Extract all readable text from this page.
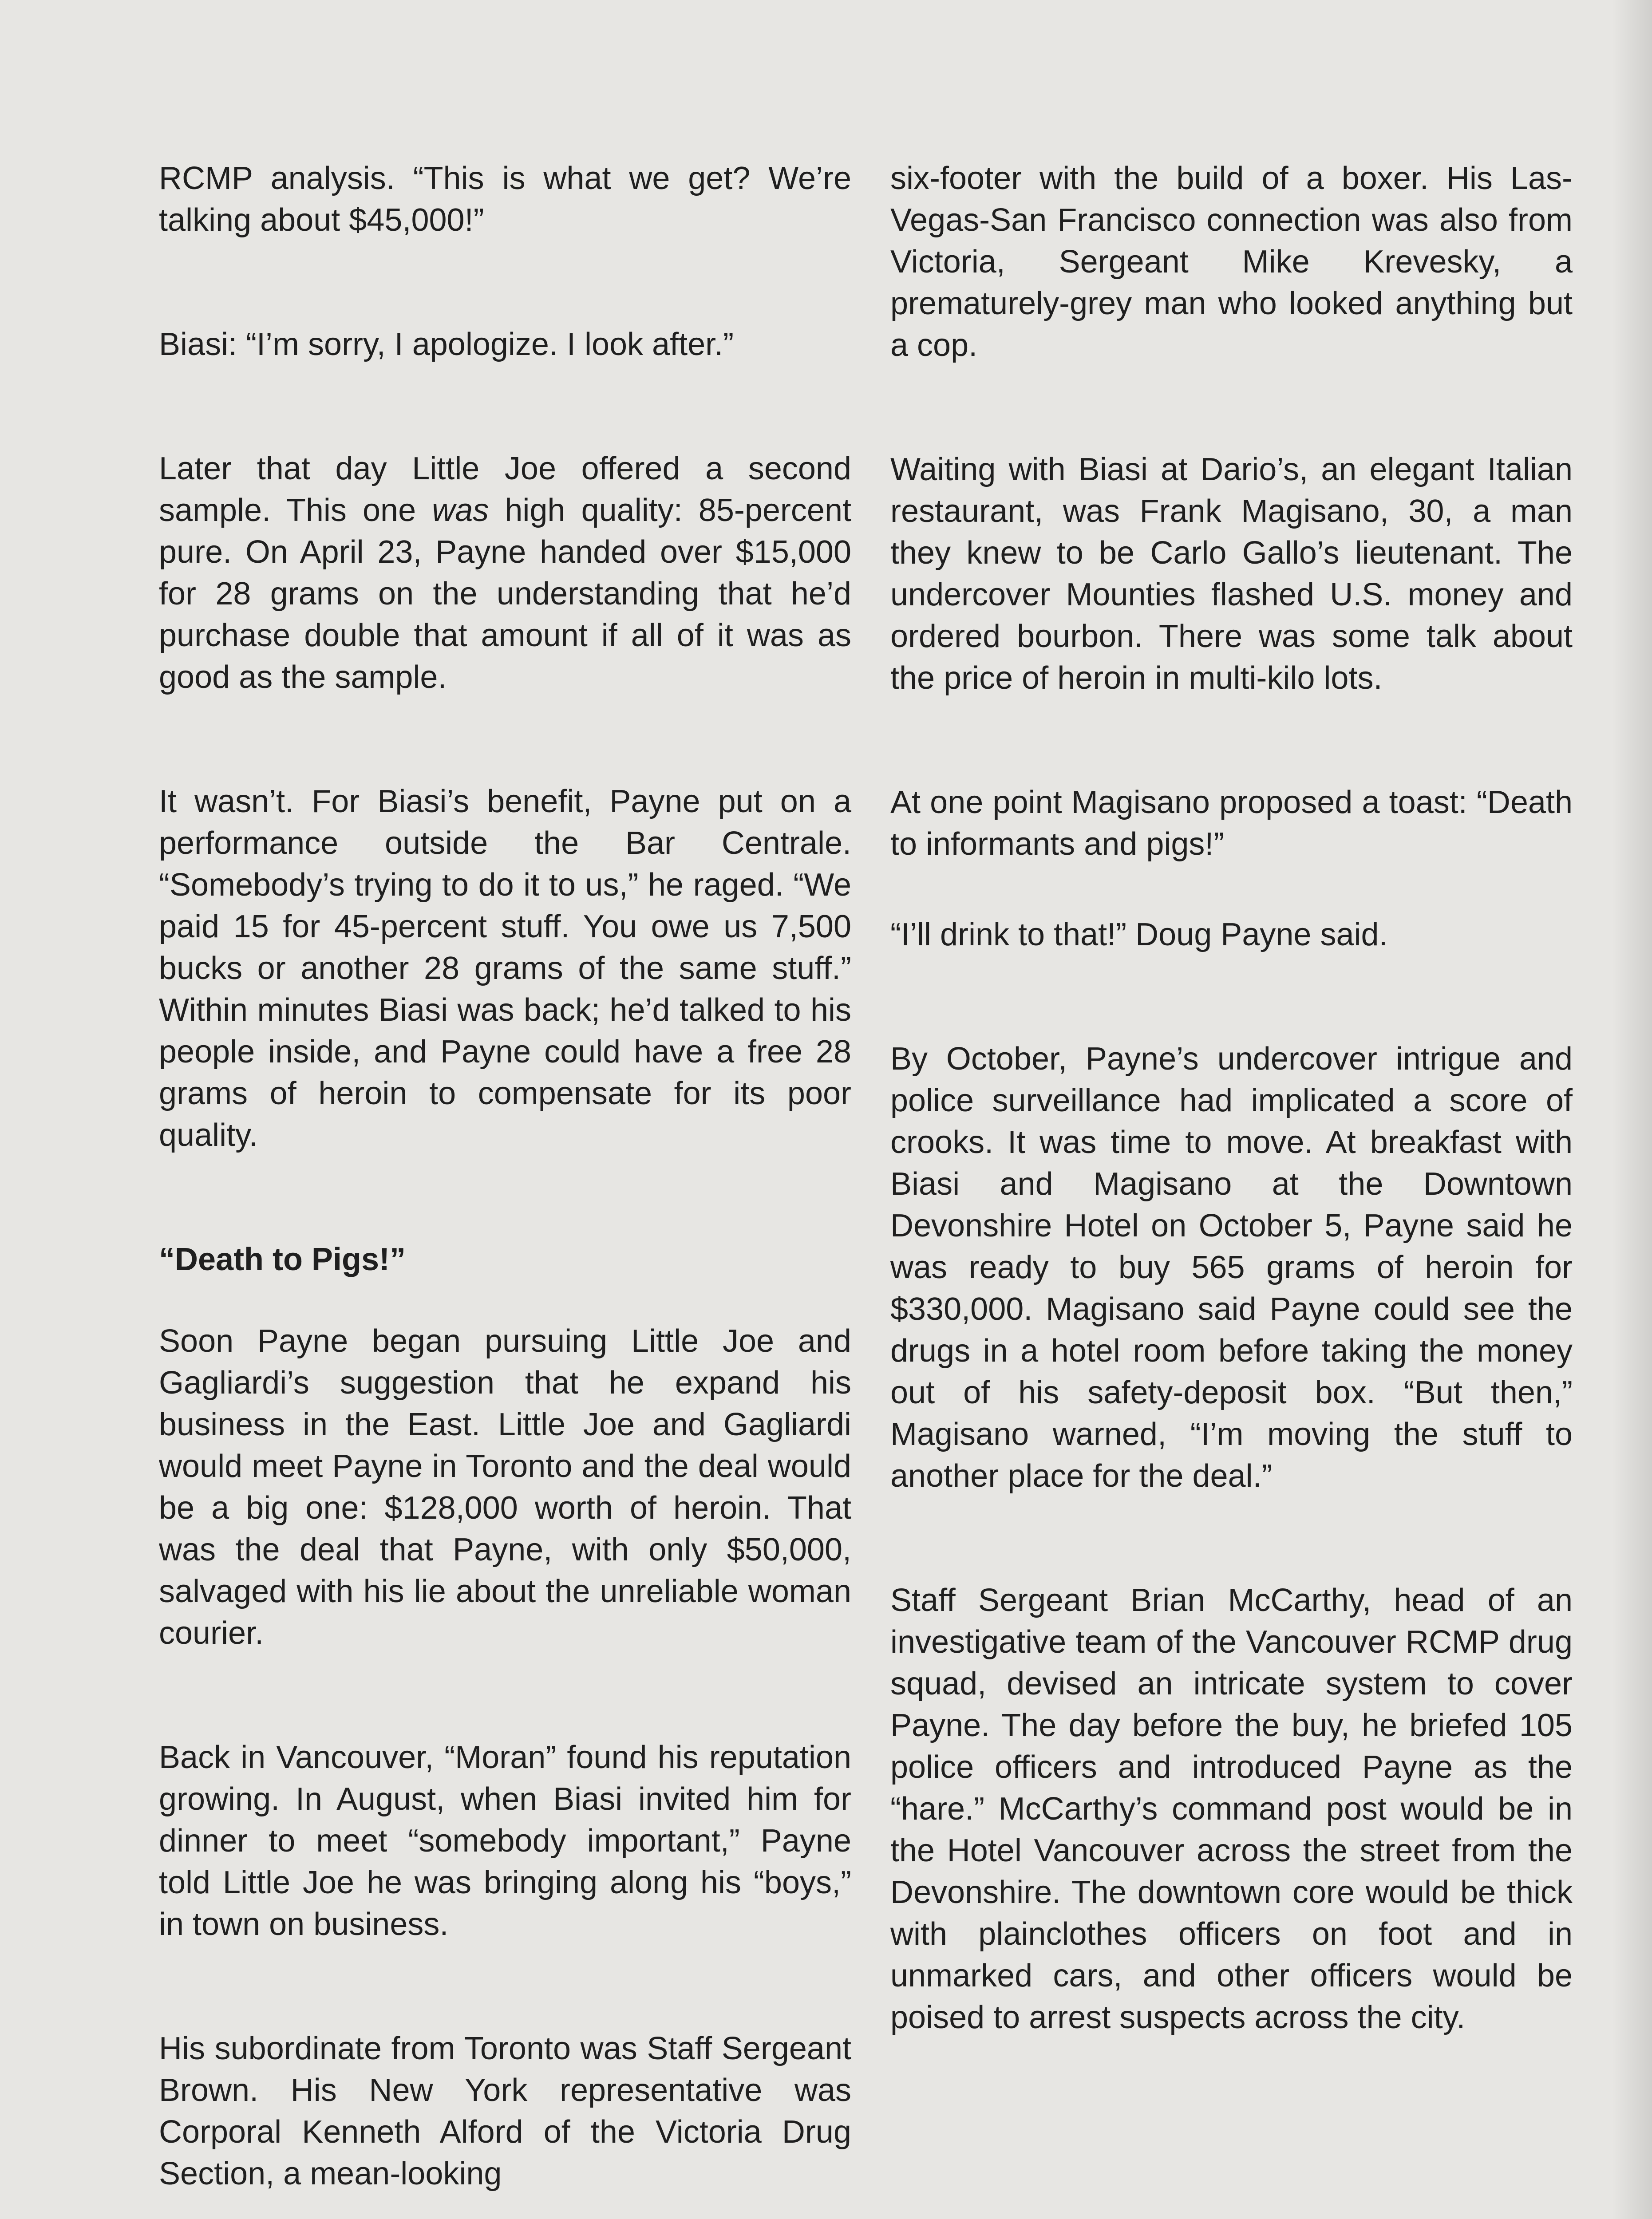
RCMP analysis. “This is what we get? We’re talking about $45,000!”

Biasi: “I’m sorry, I apologize. I look after.”

Later that day Little Joe offered a second sample. This one was high quality: 85-percent pure. On April 23, Payne handed over $15,000 for 28 grams on the understanding that he’d purchase double that amount if all of it was as good as the sample.

It wasn’t. For Biasi’s benefit, Payne put on a performance outside the Bar Centrale. “Somebody’s trying to do it to us,” he raged. “We paid 15 for 45-percent stuff. You owe us 7,500 bucks or another 28 grams of the same stuff.” Within minutes Biasi was back; he’d talked to his people inside, and Payne could have a free 28 grams of heroin to compensate for its poor quality.

“Death to Pigs!”

Soon Payne began pursuing Little Joe and Gagliardi’s suggestion that he expand his business in the East. Little Joe and Gagliardi would meet Payne in Toronto and the deal would be a big one: $128,000 worth of heroin. That was the deal that Payne, with only $50,000, salvaged with his lie about the unreliable woman courier.

Back in Vancouver, “Moran” found his reputation growing. In August, when Biasi invited him for dinner to meet “somebody important,” Payne told Little Joe he was bringing along his “boys,” in town on business.

His subordinate from Toronto was Staff Sergeant Brown. His New York representative was Corporal Kenneth Alford of the Victoria Drug Section, a mean-looking

six-footer with the build of a boxer. His Las-Vegas-San Francisco connection was also from Victoria, Sergeant Mike Krevesky, a prematurely-grey man who looked anything but a cop.

Waiting with Biasi at Dario’s, an elegant Italian restaurant, was Frank Magisano, 30, a man they knew to be Carlo Gallo’s lieutenant. The undercover Mounties flashed U.S. money and ordered bourbon. There was some talk about the price of heroin in multi-kilo lots.

At one point Magisano proposed a toast: “Death to informants and pigs!”

“I’ll drink to that!” Doug Payne said.

By October, Payne’s undercover intrigue and police surveillance had implicated a score of crooks. It was time to move. At breakfast with Biasi and Magisano at the Downtown Devonshire Hotel on October 5, Payne said he was ready to buy 565 grams of heroin for $330,000. Magisano said Payne could see the drugs in a hotel room before taking the money out of his safety-deposit box. “But then,” Magisano warned, “I’m moving the stuff to another place for the deal.”

Staff Sergeant Brian McCarthy, head of an investigative team of the Vancouver RCMP drug squad, devised an intricate system to cover Payne. The day before the buy, he briefed 105 police officers and introduced Payne as the “hare.” McCarthy’s command post would be in the Hotel Vancouver across the street from the Devonshire. The downtown core would be thick with plainclothes officers on foot and in unmarked cars, and other officers would be poised to arrest suspects across the city.
